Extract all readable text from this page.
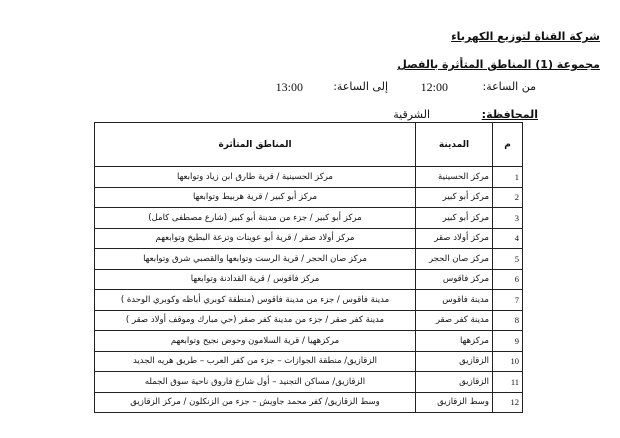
شركة القناة لتوزيع الكهرباء
مجموعة (1) المناطق المتأثرة بالفصل
من الساعة:
12:00
إلى الساعة:
13:00
المحافظة:
الشرقية
م	المدينة	المناطق المتأثرة
1	مركز الحسينية	مركز الحسينية / قرية طارق ابن زياد وتوابعها
2	مركز أبو كبير	مركز أبو كبير / قرية هربيط وتوابعها
3	مركز أبو كبير	مركز أبو كبير / جزء من مدينة أبو كبير (شارع مصطفى كامل)
4	مركز أولاد صقر	مركز أولاد صقر / قرية أبو عوينات وترعة البطيخ وتوابعهم
5	مركز صان الحجر	مركز صان الحجر / قرية الرست وتوابعها والقصبي شرق وتوابعها
6	مركز فاقوس	مركز فاقوس / قرية القدادنة وتوابعها
7	مدينة فاقوس	مدينة فاقوس / جزء من مدينة فاقوس (منطقة كوبري أباظه وكوبري الوحدة )
8	مدينة كفر صقر	مدينة كفر صقر / جزء من مدينة كفر صقر (حي مبارك وموقف أولاد صقر )
9	مركزهها	مركزههيا / قرية السلامون وحوض نجيح وتوابعهم
10	الزقازيق	الزقازيق/ منطقة الجوازات – جزء من كفر العرب – طريق هريه الجديد
11	الزقازيق	الزقازيق/ مساكن التجنيد – أول شارع فاروق ناحية سوق الجمله
12	وسط الزقازيق	وسط الزقازيق/ كفر محمد جاويش – جزء من الزنكلون / مركز الزقازيق
